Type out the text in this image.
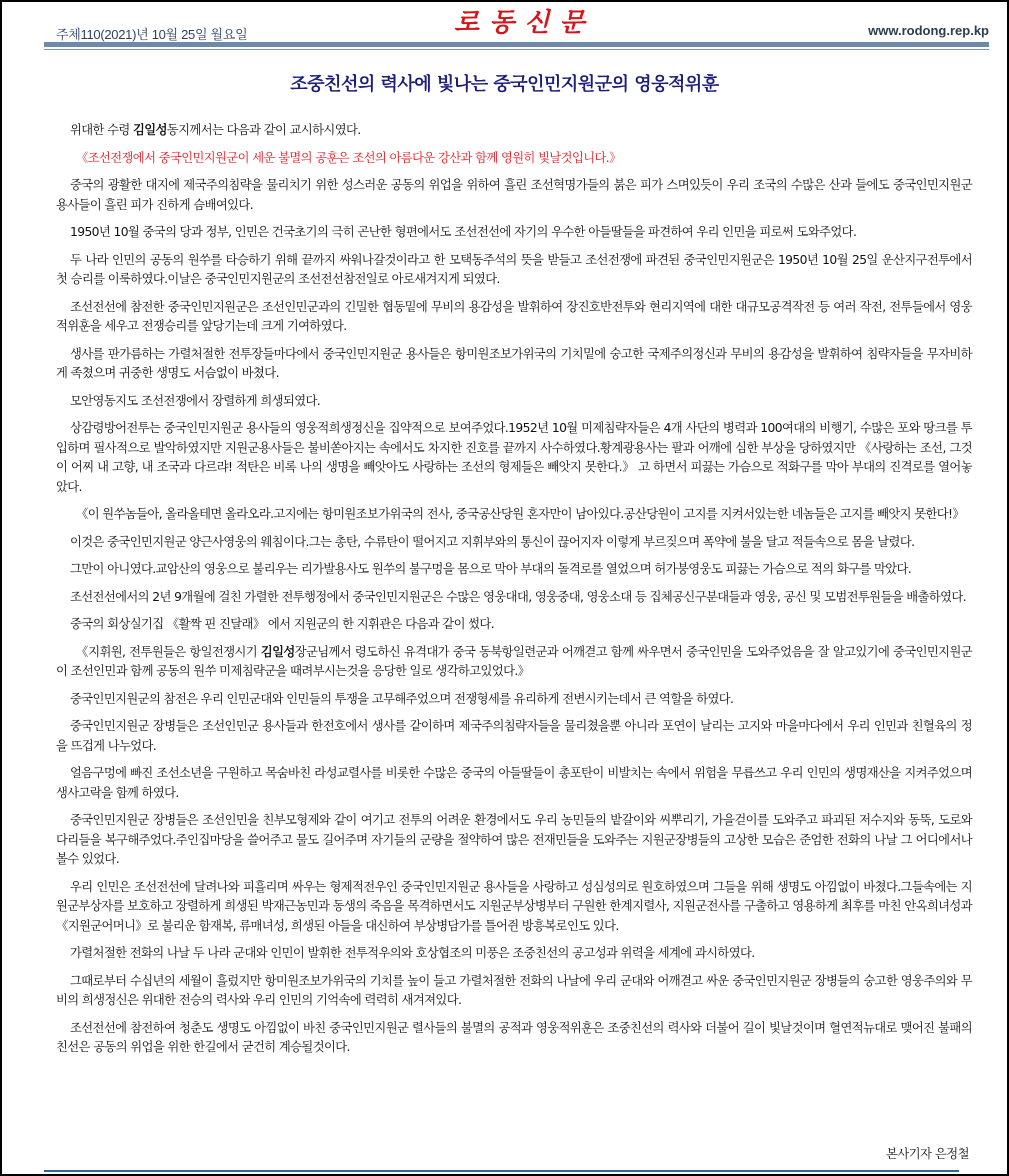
주체110(2021)년 10월 25일 월요일	로동신문	www.rodong.rep.kp
조중친선의 력사에 빛나는 중국인민지원군의 영웅적위훈

위대한 수령 김일성동지께서는 다음과 같이 교시하시였다.

《조선전쟁에서 중국인민지원군이 세운 불멸의 공훈은 조선의 아름다운 강산과 함께 영원히 빛날것입니다.》

중국의 광활한 대지에 제국주의침략을 물리치기 위한 성스러운 공동의 위업을 위하여 흘린 조선혁명가들의 붉은 피가 스며있듯이 우리 조국의 수많은 산과 들에도 중국인민지원군 용사들이 흘린 피가 진하게 슴배여있다.

1950년 10월 중국의 당과 정부, 인민은 건국초기의 극히 곤난한 형편에서도 조선전선에 자기의 우수한 아들딸들을 파견하여 우리 인민을 피로써 도와주었다.

두 나라 인민의 공동의 원쑤를 타승하기 위해 끝까지 싸워나갈것이라고 한 모택동주석의 뜻을 받들고 조선전쟁에 파견된 중국인민지원군은 1950년 10월 25일 운산지구전투에서 첫 승리를 이룩하였다.이날은 중국인민지원군의 조선전선참전일로 아로새겨지게 되였다.

조선전선에 참전한 중국인민지원군은 조선인민군과의 긴밀한 협동밑에 무비의 용감성을 발휘하여 장진호반전투와 현리지역에 대한 대규모공격작전 등 여러 작전, 전투들에서 영웅적위훈을 세우고 전쟁승리를 앞당기는데 크게 기여하였다.

생사를 판가름하는 가렬처절한 전투장들마다에서 중국인민지원군 용사들은 항미원조보가위국의 기치밑에 숭고한 국제주의정신과 무비의 용감성을 발휘하여 침략자들을 무자비하게 족쳤으며 귀중한 생명도 서슴없이 바쳤다.

모안영동지도 조선전쟁에서 장렬하게 희생되였다.

상감령방어전투는 중국인민지원군 용사들의 영웅적희생정신을 집약적으로 보여주었다.1952년 10월 미제침략자들은 4개 사단의 병력과 100여대의 비행기, 수많은 포와 땅크를 투입하며 필사적으로 발악하였지만 지원군용사들은 불비쏟아지는 속에서도 차지한 진호를 끝까지 사수하였다.황계광용사는 팔과 어깨에 심한 부상을 당하였지만 《사랑하는 조선, 그것이 어찌 내 고향, 내 조국과 다르랴! 적탄은 비록 나의 생명을 빼앗아도 사랑하는 조선의 형제들은 빼앗지 못한다.》 고 하면서 피끓는 가슴으로 적화구를 막아 부대의 진격로를 열어놓았다.

《이 원쑤놈들아, 올라올테면 올라오라.고지에는 항미원조보가위국의 전사, 중국공산당원 혼자만이 남아있다.공산당원이 고지를 지켜서있는한 네놈들은 고지를 빼앗지 못한다!》

이것은 중국인민지원군 양근사영웅의 웨침이다.그는 총탄, 수류탄이 떨어지고 지휘부와의 통신이 끊어지자 이렇게 부르짖으며 폭약에 불을 달고 적들속으로 몸을 날렸다.

그만이 아니였다.교암산의 영웅으로 불리우는 리가발용사도 원쑤의 불구멍을 몸으로 막아 부대의 돌격로를 열었으며 허가붕영웅도 피끓는 가슴으로 적의 화구를 막았다.

조선전선에서의 2년 9개월에 걸친 가렬한 전투행정에서 중국인민지원군은 수많은 영웅대대, 영웅중대, 영웅소대 등 집체공신구분대들과 영웅, 공신 및 모범전투원들을 배출하였다.

중국의 회상실기집 《활짝 핀 진달래》 에서 지원군의 한 지휘관은 다음과 같이 썼다.

《지휘원, 전투원들은 항일전쟁시기 김일성장군님께서 령도하신 유격대가 중국 동북항일련군과 어깨겯고 함께 싸우면서 중국인민을 도와주었음을 잘 알고있기에 중국인민지원군이 조선인민과 함께 공동의 원쑤 미제침략군을 때려부시는것을 응당한 일로 생각하고있었다.》

중국인민지원군의 참전은 우리 인민군대와 인민들의 투쟁을 고무해주었으며 전쟁형세를 유리하게 전변시키는데서 큰 역할을 하였다.

중국인민지원군 장병들은 조선인민군 용사들과 한전호에서 생사를 같이하며 제국주의침략자들을 물리쳤을뿐 아니라 포연이 날리는 고지와 마을마다에서 우리 인민과 친혈육의 정을 뜨겁게 나누었다.

얼음구멍에 빠진 조선소년을 구원하고 목숨바친 라성교렬사를 비롯한 수많은 중국의 아들딸들이 총포탄이 비발치는 속에서 위험을 무릅쓰고 우리 인민의 생명재산을 지켜주었으며 생사고락을 함께 하였다.

중국인민지원군 장병들은 조선인민을 친부모형제와 같이 여기고 전투의 어려운 환경에서도 우리 농민들의 밭갈이와 씨뿌리기, 가을걷이를 도와주고 파괴된 저수지와 동뚝, 도로와 다리들을 복구해주었다.주인집마당을 쓸어주고 물도 길어주며 자기들의 군량을 절약하여 많은 전재민들을 도와주는 지원군장병들의 고상한 모습은 준엄한 전화의 나날 그 어디에서나 볼수 있었다.

우리 인민은 조선전선에 달려나와 피흘리며 싸우는 형제적전우인 중국인민지원군 용사들을 사랑하고 성심성의로 원호하였으며 그들을 위해 생명도 아낌없이 바쳤다.그들속에는 지원군부상자를 보호하고 장렬하게 희생된 박재근농민과 동생의 죽음을 목격하면서도 지원군부상병부터 구원한 한계지렬사, 지원군전사를 구출하고 영용하게 최후를 마친 안옥희녀성과 《지원군어머니》로 불리운 함재복, 류매녀성, 희생된 아들을 대신하여 부상병담가를 틀어쥔 방흥복로인도 있다.

가렬처절한 전화의 나날 두 나라 군대와 인민이 발휘한 전투적우의와 호상협조의 미풍은 조중친선의 공고성과 위력을 세계에 과시하였다.

그때로부터 수십년의 세월이 흘렀지만 항미원조보가위국의 기치를 높이 들고 가렬처절한 전화의 나날에 우리 군대와 어깨겯고 싸운 중국인민지원군 장병들의 숭고한 영웅주의와 무비의 희생정신은 위대한 전승의 력사와 우리 인민의 기억속에 력력히 새겨져있다.

조선전선에 참전하여 청춘도 생명도 아낌없이 바친 중국인민지원군 렬사들의 불멸의 공적과 영웅적위훈은 조중친선의 력사와 더불어 길이 빛날것이며 혈연적뉴대로 맺어진 불패의 친선은 공동의 위업을 위한 한길에서 굳건히 계승될것이다.

본사기자 은정철
